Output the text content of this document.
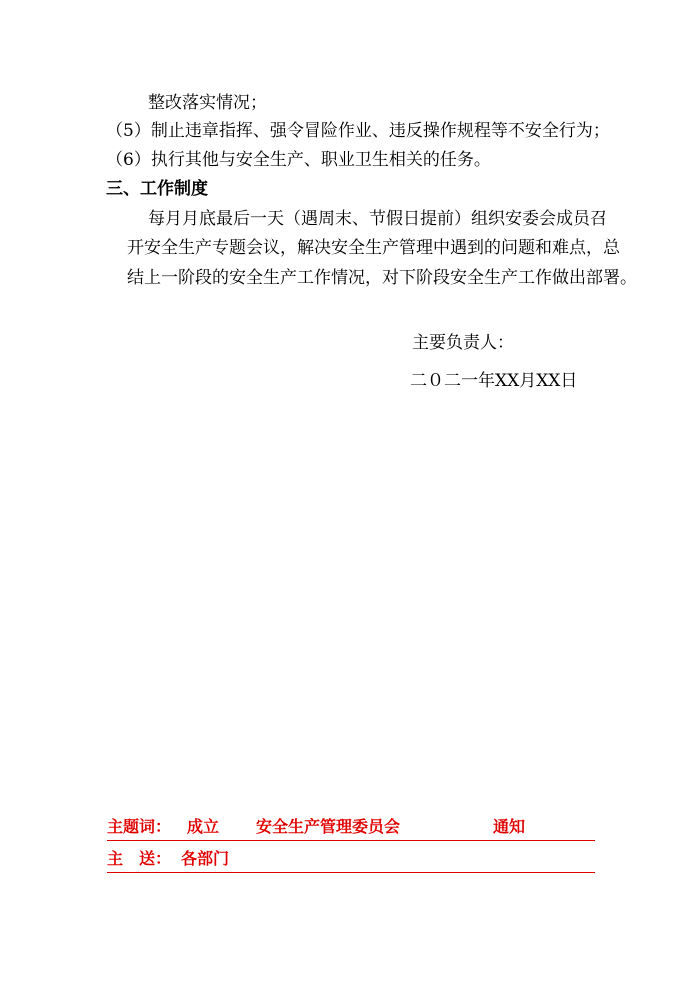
整改落实情况；
（5）制止违章指挥、强令冒险作业、违反操作规程等不安全行为；
（6）执行其他与安全生产、职业卫生相关的任务。
三、工作制度
每月月底最后一天（遇周末、节假日提前）组织安委会成员召
开安全生产专题会议，解决安全生产管理中遇到的问题和难点，总
结上一阶段的安全生产工作情况，对下阶段安全生产工作做出部署。
主要负责人：
二０二一年XX月XX日
主题词： 成立 安全生产管理委员会	通知
主　送： 各部门
